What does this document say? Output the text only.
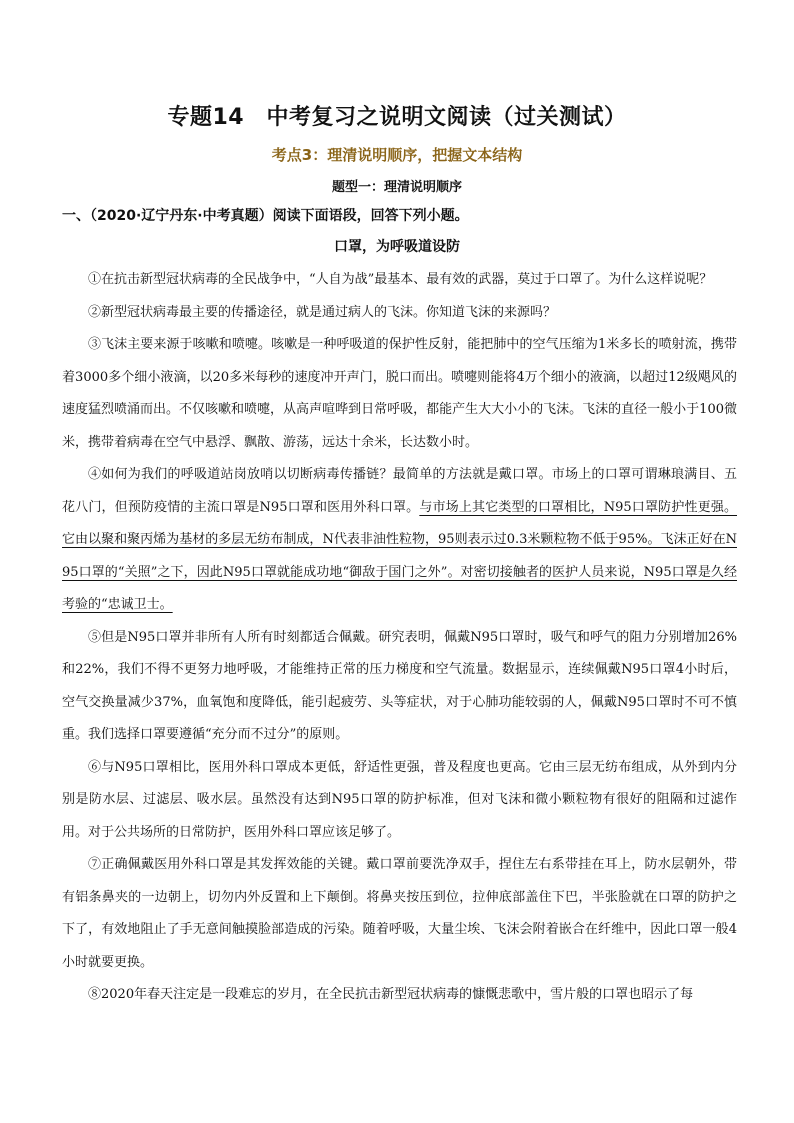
专题14　中考复习之说明文阅读（过关测试）
考点3：理清说明顺序，把握文本结构
题型一：理清说明顺序
一、（2020·辽宁丹东·中考真题）阅读下面语段，回答下列小题。
口罩，为呼吸道设防

①在抗击新型冠状病毒的全民战争中，“人自为战”最基本、最有效的武器，莫过于口罩了。为什么这样说呢？

②新型冠状病毒最主要的传播途径，就是通过病人的飞沫。你知道飞沫的来源吗？

③飞沫主要来源于咳嗽和喷嚏。咳嗽是一种呼吸道的保护性反射，能把肺中的空气压缩为1米多长的喷射流，携带着3000多个细小液滴，以20多米每秒的速度冲开声门，脱口而出。喷嚏则能将4万个细小的液滴，以超过12级飓风的速度猛烈喷涌而出。不仅咳嗽和喷嚏，从高声喧哗到日常呼吸，都能产生大大小小的飞沫。飞沫的直径一般小于100微米，携带着病毒在空气中悬浮、飘散、游荡，远达十余米，长达数小时。

④如何为我们的呼吸道站岗放哨以切断病毒传播链？最简单的方法就是戴口罩。市场上的口罩可谓琳琅满目、五花八门，但预防疫情的主流口罩是N95口罩和医用外科口罩。与市场上其它类型的口罩相比，N95口罩防护性更强。它由以聚和聚丙烯为基材的多层无纺布制成，N代表非油性粒物，95则表示过0.3米颗粒物不低于95%。飞沫正好在N95口罩的“关照”之下，因此N95口罩就能成功地“御敌于国门之外”。对密切接触者的医护人员来说，N95口罩是久经考验的“忠诚卫士。

⑤但是N95口罩并非所有人所有时刻都适合佩戴。研究表明，佩戴N95口罩时，吸气和呼气的阻力分别增加26%和22%，我们不得不更努力地呼吸，才能维持正常的压力梯度和空气流量。数据显示，连续佩戴N95口罩4小时后，空气交换量减少37%，血氧饱和度降低，能引起疲劳、头等症状，对于心肺功能较弱的人，佩戴N95口罩时不可不慎重。我们选择口罩要遵循“充分而不过分”的原则。

⑥与N95口罩相比，医用外科口罩成本更低，舒适性更强，普及程度也更高。它由三层无纺布组成，从外到内分别是防水层、过滤层、吸水层。虽然没有达到N95口罩的防护标准，但对飞沫和微小颗粒物有很好的阻隔和过滤作用。对于公共场所的日常防护，医用外科口罩应该足够了。

⑦正确佩戴医用外科口罩是其发挥效能的关键。戴口罩前要洗净双手，捏住左右系带挂在耳上，防水层朝外，带有铝条鼻夹的一边朝上，切勿内外反置和上下颠倒。将鼻夹按压到位，拉伸底部盖住下巴，半张脸就在口罩的防护之下了，有效地阻止了手无意间触摸脸部造成的污染。随着呼吸，大量尘埃、飞沫会附着嵌合在纤维中，因此口罩一般4小时就要更换。

⑧2020年春天注定是一段难忘的岁月，在全民抗击新型冠状病毒的慷慨悲歌中，雪片般的口罩也昭示了每
